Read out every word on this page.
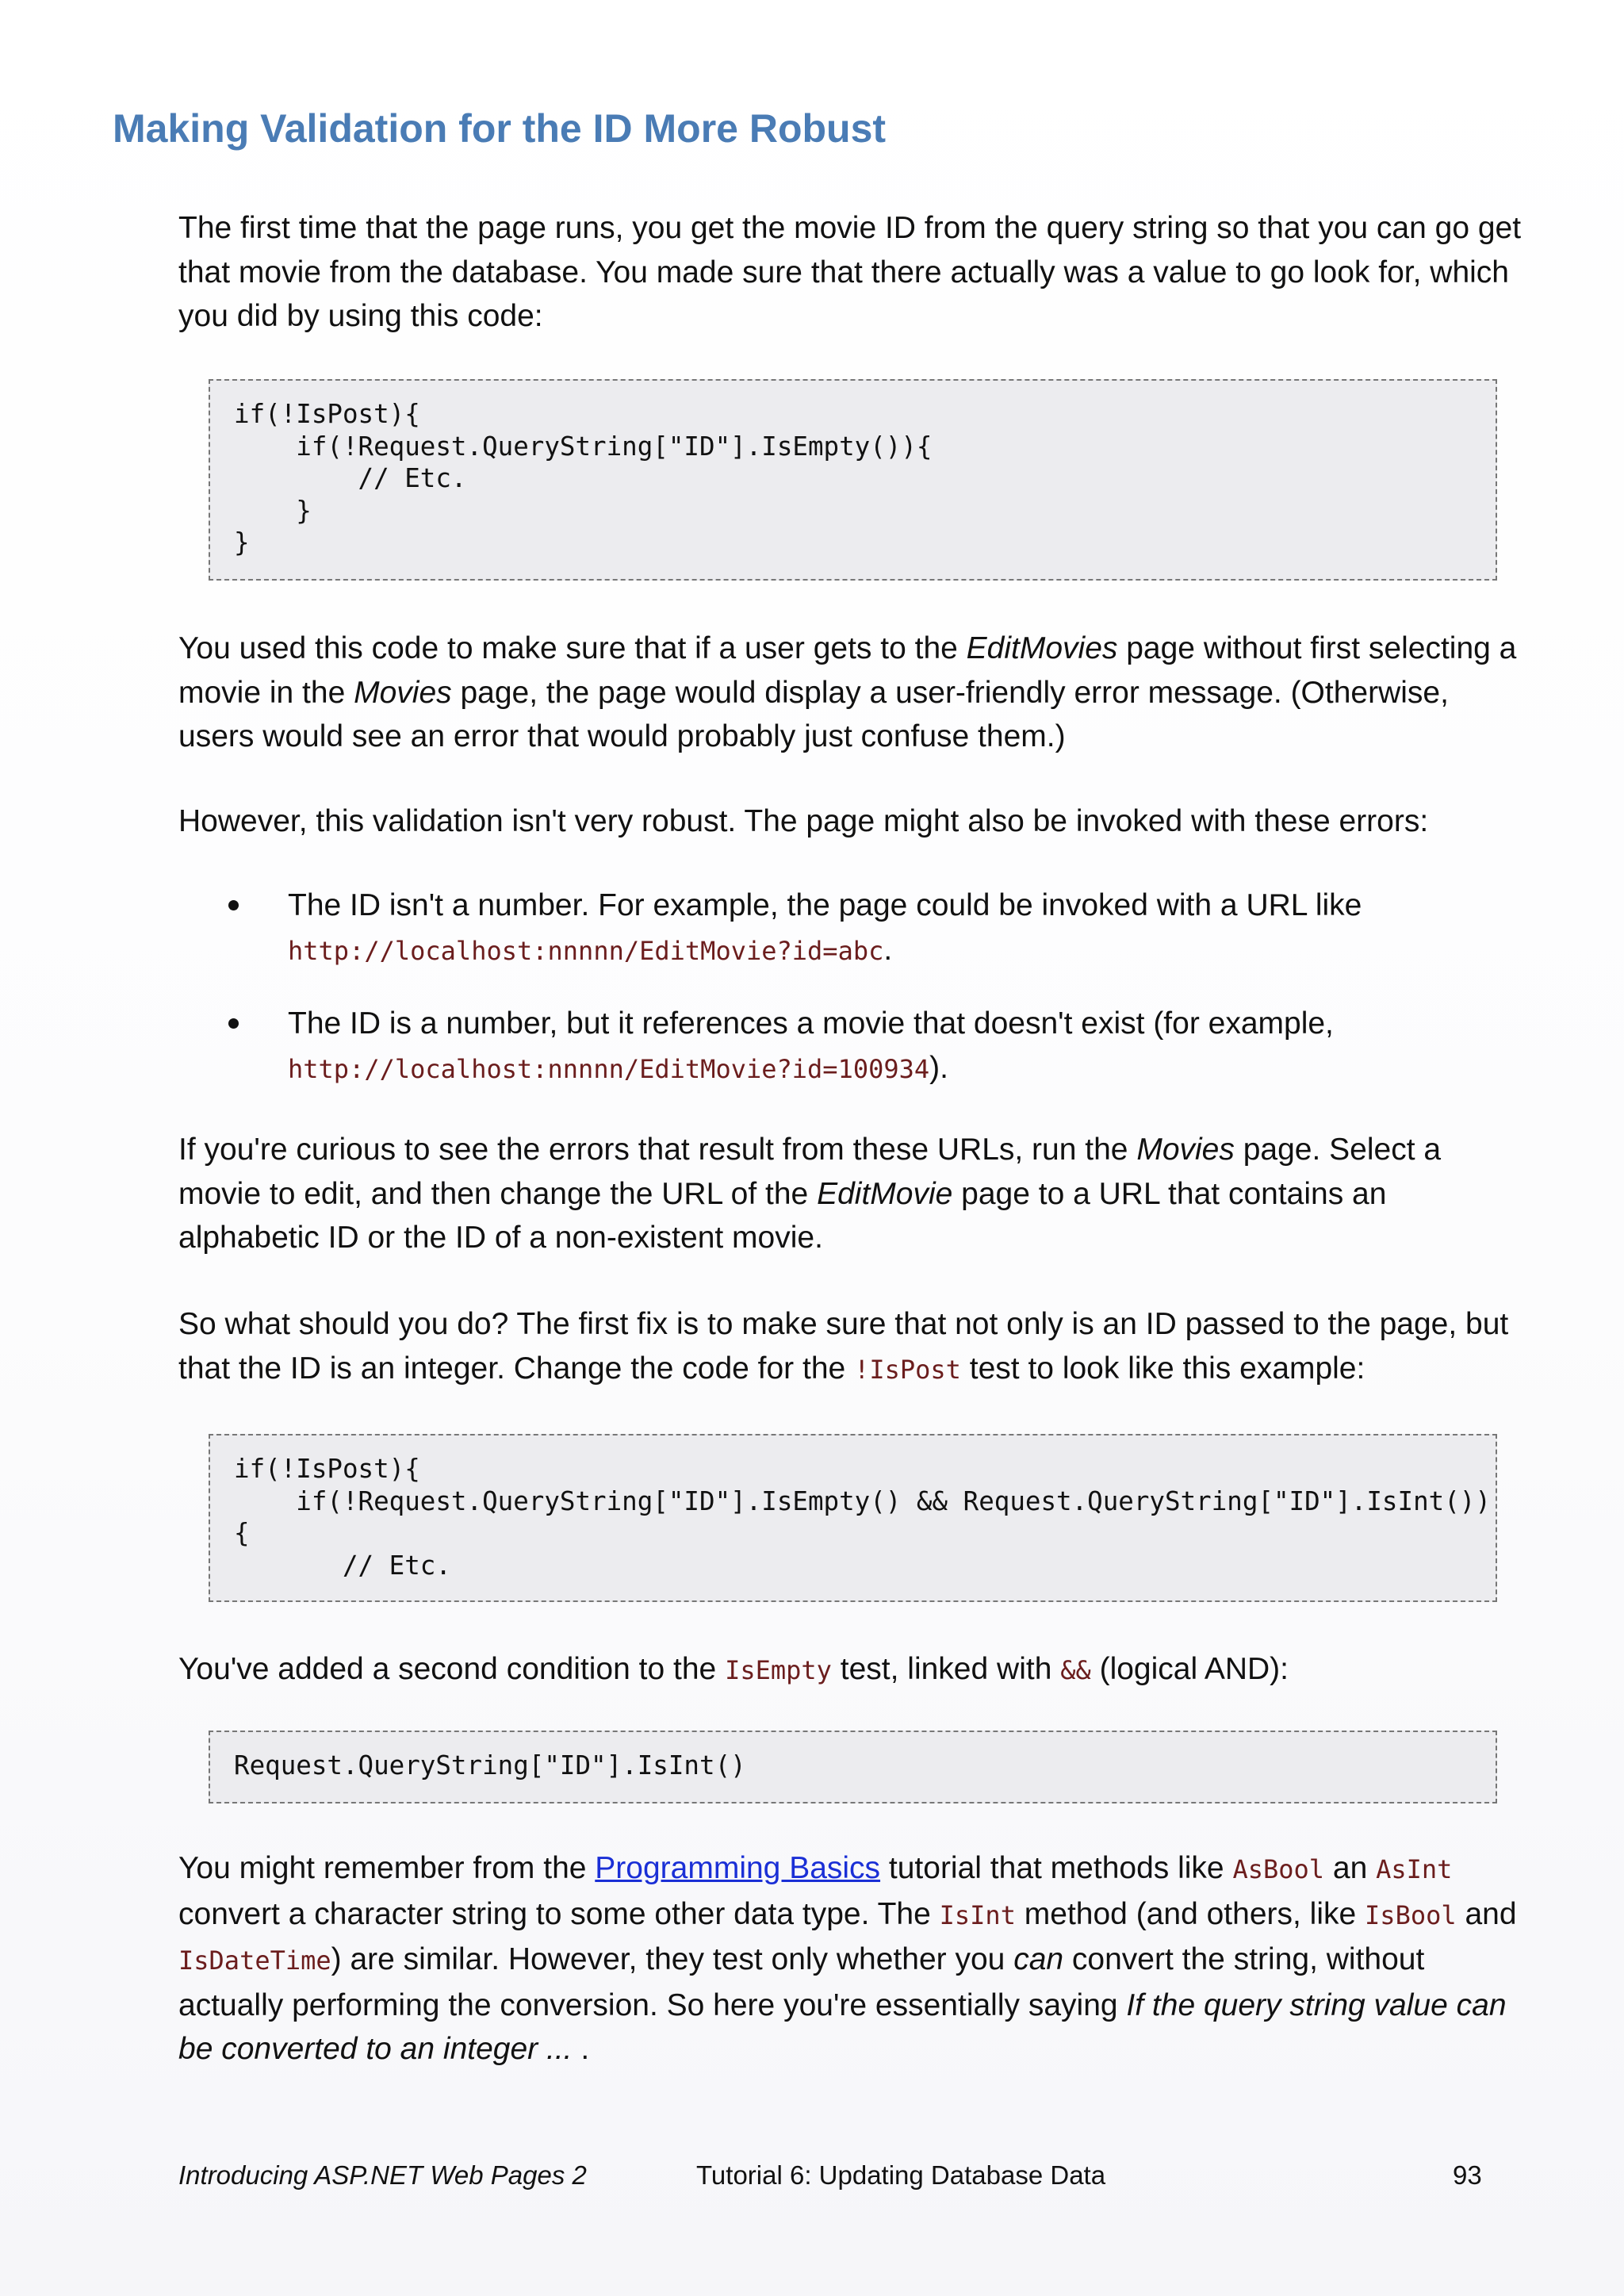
Making Validation for the ID More Robust

The first time that the page runs, you get the movie ID from the query string so that you can go get that movie from the database. You made sure that there actually was a value to go look for, which you did by using this code:

if(!IsPost){
if(!Request.QueryString["ID"].IsEmpty()){
// Etc.
}
}

You used this code to make sure that if a user gets to the EditMovies page without first selecting a movie in the Movies page, the page would display a user-friendly error message. (Otherwise, users would see an error that would probably just confuse them.)

However, this validation isn't very robust. The page might also be invoked with these errors:

The ID isn't a number. For example, the page could be invoked with a URL like
http://localhost:nnnnn/EditMovie?id=abc.

The ID is a number, but it references a movie that doesn't exist (for example,
http://localhost:nnnnn/EditMovie?id=100934).

If you're curious to see the errors that result from these URLs, run the Movies page. Select a movie to edit, and then change the URL of the EditMovie page to a URL that contains an alphabetic ID or the ID of a non-existent movie.

So what should you do? The first fix is to make sure that not only is an ID passed to the page, but that the ID is an integer. Change the code for the !IsPost test to look like this example:

if(!IsPost){
if(!Request.QueryString["ID"].IsEmpty() && Request.QueryString["ID"].IsInt())
{
// Etc.

You've added a second condition to the IsEmpty test, linked with && (logical AND):

Request.QueryString["ID"].IsInt()

You might remember from the Programming Basics tutorial that methods like AsBool an AsInt convert a character string to some other data type. The IsInt method (and others, like IsBool and IsDateTime) are similar. However, they test only whether you can convert the string, without actually performing the conversion. So here you're essentially saying If the query string value can be converted to an integer ... .

Introducing ASP.NET Web Pages 2	Tutorial 6: Updating Database Data	93
